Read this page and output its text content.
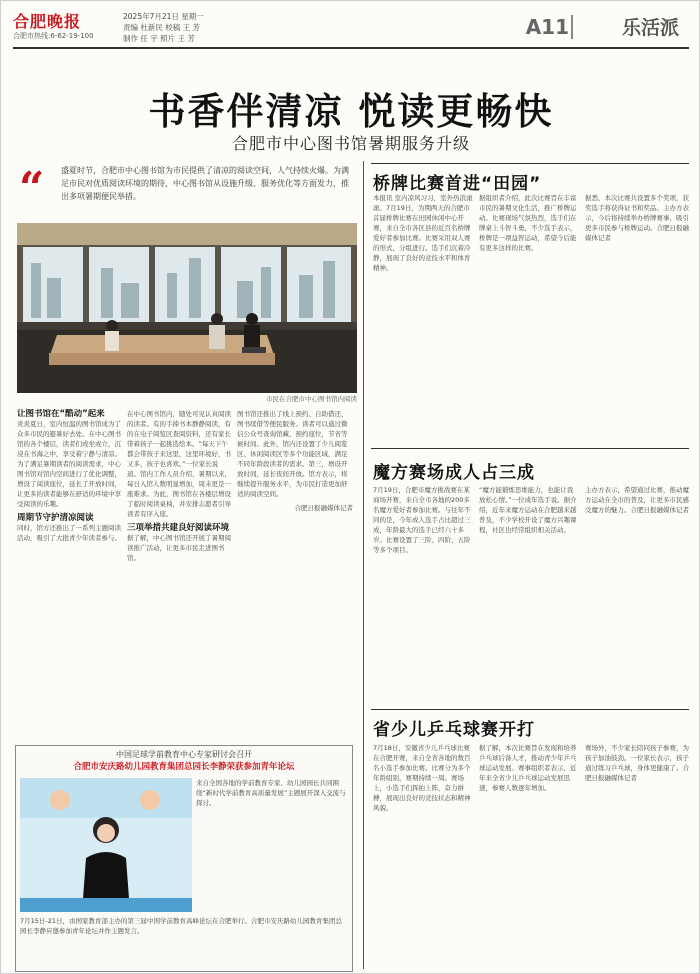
合肥晚报
合肥市热线:6-62-19-100
2025年7月21日 星期一
责编 杜新民 校稿 王 芳
制作 任 宇 照片 王 芳	A11	乐活派
书香伴清凉 悦读更畅快
合肥市中心图书馆暑期服务升级
“ 盛夏时节，合肥市中心图书馆为市民提供了清凉的阅读空间，人气持续火爆。为满足市民对优质阅读环境的期待，中心图书馆从设施升级、服务优化等方面发力，推出多项暑期便民举措。
市民在合肥市中心图书馆内阅读
让图书馆在“酷动”起来
炎炎夏日，室内恒温的图书馆成为了众多市民的避暑好去处。在中心图书馆的各个楼层，读者们或坐或立，沉浸在书海之中，享受着宁静与清凉。为了满足暑期读者的阅读需求，中心图书馆对馆内空间进行了优化调整，增设了阅读座位，延长了开放时间，让更多的读者能够在舒适的环境中享受阅读的乐趣。
周期节守护清凉阅读
同时，馆方还推出了一系列主题阅读活动，吸引了大批青少年读者参与。
在中心图书馆内，随处可见认真阅读的读者。有的手捧书本静静阅读，有的在电子阅览区查阅资料，还有家长带着孩子一起挑选绘本。“每天下午都会带孩子来这里，这里环境好，书又多，孩子也喜欢。”一位家长说道。馆内工作人员介绍，暑期以来，每日入馆人数明显增加，周末更是一座难求。为此，图书馆在各楼层增设了临时阅读桌椅，并安排志愿者引导读者有序入座。
三项举措共建良好阅读环境
据了解，中心图书馆还开展了暑期阅读推广活动，让更多市民走进图书馆。
图书馆还推出了线上预约、自助借还、图书续借等便民服务。读者可以通过微信公众号查询馆藏、预约座位，节省等候时间。此外，馆内还设置了少儿阅览区、休闲阅读区等多个功能区域，满足不同年龄段读者的需求。第三，增设开放时间，延长夜间开放。馆方表示，将继续提升服务水平，为市民打造更加舒适的阅读空间。
合肥日报融媒体记者
中国足球学前教育中心专家研讨会召开
合肥市安庆路幼儿园教育集团总园长李静荣获参加青年论坛
来自全国各地的学前教育专家、幼儿园园长共同围绕“新时代学前教育高质量发展”主题展开深入交流与探讨。
7月15日-21日，由国家教育部主办的第三届中国学前教育高峰论坛在合肥举行。合肥市安庆路幼儿园教育集团总园长李静应邀参加青年论坛并作主题发言。
桥牌比赛首进“田园”
本报讯 室内凉风习习，室外热浪滚滚。7月19日，为期两天的合肥市首届桥牌比赛在田园休闲中心开赛，来自全市各区县的近百名桥牌爱好者参加比赛。比赛采用双人赛的形式，分组进行。选手们沉着冷静，展现了良好的竞技水平和体育精神。
据组织者介绍，此次比赛旨在丰富市民的暑期文化生活，推广桥牌运动。比赛现场气氛热烈，选手们在牌桌上斗智斗勇，不少选手表示，桥牌是一项益智运动，希望今后能有更多这样的比赛。
据悉，本次比赛共设置多个奖项，获奖选手将获得证书和奖品。主办方表示，今后将持续举办桥牌赛事，吸引更多市民参与桥牌运动。合肥日报融媒体记者
魔方赛场成人占三成
7月19日，合肥市魔方挑战赛在某商场开赛，来自全市各地的200多名魔方爱好者参加比赛。与往年不同的是，今年成人选手占比超过三成，年龄最大的选手已经六十多岁。比赛设置了三阶、四阶、五阶等多个项目。
“魔方能锻炼思维能力，也能让我放松心情。”一位成年选手说。据介绍，近年来魔方运动在合肥越来越普及，不少学校开设了魔方兴趣课程，社区也经常组织相关活动。
主办方表示，希望通过比赛，推动魔方运动在全市的普及，让更多市民感受魔方的魅力。合肥日报融媒体记者
省少儿乒乓球赛开打
7月18日，安徽省少儿乒乓球比赛在合肥开赛，来自全省各地的数百名小选手参加比赛。比赛分为多个年龄组别，赛期持续一周。赛场上，小选手们挥拍上阵，奋力拼搏，展现出良好的竞技状态和精神风貌。
据了解，本次比赛旨在发现和培养乒乓球后备人才，推动青少年乒乓球运动发展。赛事组织者表示，近年来全省少儿乒乓球运动发展迅速，参赛人数逐年增加。
赛场外，不少家长陪同孩子参赛，为孩子加油鼓劲。一位家长表示，孩子通过练习乒乓球，身体更健康了。合肥日报融媒体记者
